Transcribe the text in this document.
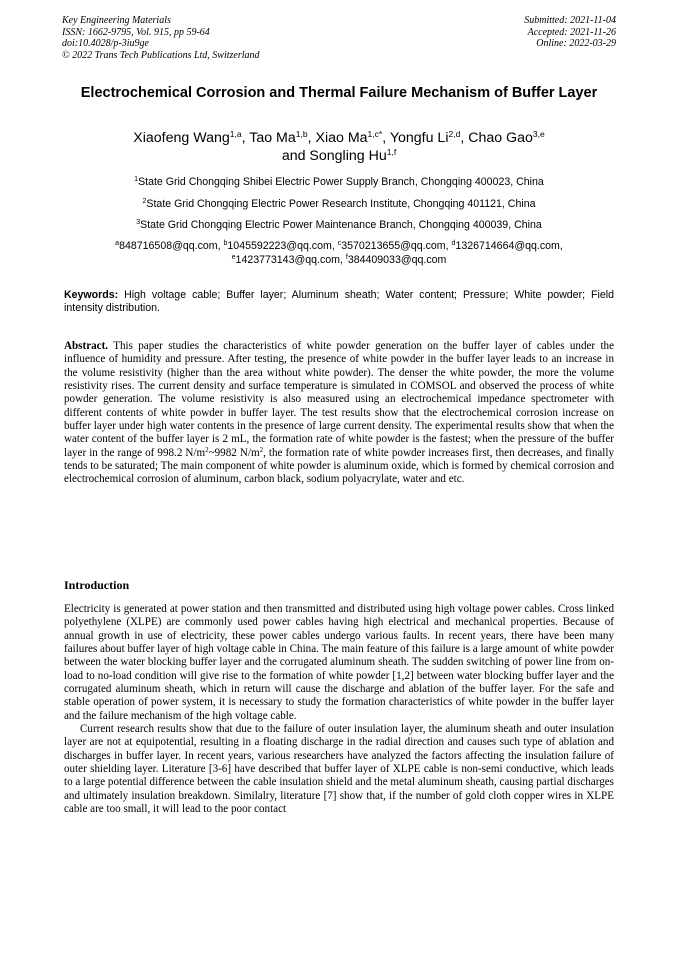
Key Engineering Materials
ISSN: 1662-9795, Vol. 915, pp 59-64
doi:10.4028/p-3iu9ge
© 2022 Trans Tech Publications Ltd, Switzerland
Submitted: 2021-11-04
Accepted: 2021-11-26
Online: 2022-03-29
Electrochemical Corrosion and Thermal Failure Mechanism of Buffer Layer
Xiaofeng Wang$^{1,a}$, Tao Ma$^{1,b}$, Xiao $Ma^{1,c*}$, Yongfu Li$^{2,d}$, Chao Gao$^{3,e}$
and Songling Hu$^{1,f}$
$^1$State Grid Chongqing Shibei Electric Power Supply Branch, Chongqing 400023, China
$^2$State Grid Chongqing Electric Power Research Institute, Chongqing 401121, China
$^3$State Grid Chongqing Electric Power Maintenance Branch, Chongqing 400039, China
$^a$848716508@qq.com, $^b$1045592223@qq.com, $^c$3570213655@qq.com, $^d$1326714664@qq.com,
$^e$1423773143@qq.com, $^f$384409033@qq.com
Keywords: High voltage cable; Buffer layer; Aluminum sheath; Water content; Pressure; White powder; Field intensity distribution.
Abstract. This paper studies the characteristics of white powder generation on the buffer layer of cables under the influence of humidity and pressure. After testing, the presence of white powder in the buffer layer leads to an increase in the volume resistivity (higher than the area without white powder). The denser the white powder, the more the volume resistivity rises. The current density and surface temperature is simulated in COMSOL and observed the process of white powder generation. The volume resistivity is also measured using an electrochemical impedance spectrometer with different contents of white powder in buffer layer. The test results show that the electrochemical corrosion increase on buffer layer under high water contents in the presence of large current density. The experimental results show that when the water content of the buffer layer is 2 mL, the formation rate of white powder is the fastest; when the pressure of the buffer layer in the range of 998.2 $N/m^2\sim 9982$ $N/m^2$, the formation rate of white powder increases first, then decreases, and finally tends to be saturated; The main component of white powder is aluminum oxide, which is formed by chemical corrosion and electrochemical corrosion of aluminum, carbon black, sodium polyacrylate, water and etc.
Introduction

Electricity is generated at power station and then transmitted and distributed using high voltage power cables. Cross linked polyethylene (XLPE) are commonly used power cables having high electrical and mechanical properties. Because of annual growth in use of electricity, these power cables undergo various faults. In recent years, there have been many failures about buffer layer of high voltage cable in China. The main feature of this failure is a large amount of white powder between the water blocking buffer layer and the corrugated aluminum sheath. The sudden switching of power line from on-load to no-load condition will give rise to the formation of white powder [1,2] between water blocking buffer layer and the corrugated aluminum sheath, which in return will cause the discharge and ablation of the buffer layer. For the safe and stable operation of power system, it is necessary to study the formation characteristics of white powder in the buffer layer and the failure mechanism of the high voltage cable.

Current research results show that due to the failure of outer insulation layer, the aluminum sheath and outer insulation layer are not at equipotential, resulting in a floating discharge in the radial direction and causes such type of ablation and discharges in buffer layer. In recent years, various researchers have analyzed the factors affecting the insulation failure of outer shielding layer. Literature [3-6] have described that buffer layer of XLPE cable is non-semi conductive, which leads to a large potential difference between the cable insulation shield and the metal aluminum sheath, causing partial discharges and ultimately insulation breakdown. Similalry, literature [7] show that, if the number of gold cloth copper wires in XLPE cable are too small, it will lead to the poor contact
